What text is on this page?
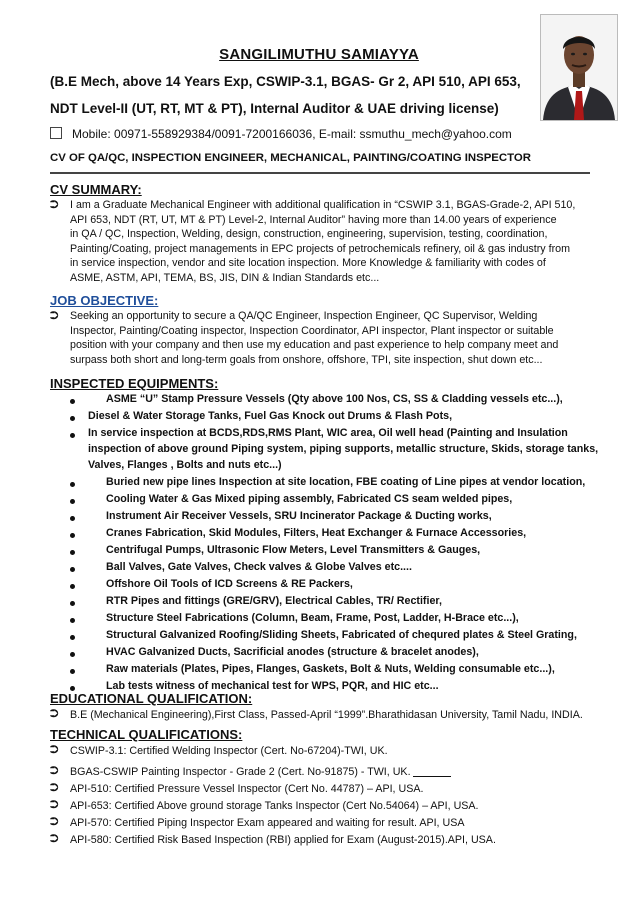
SANGILIMUTHU SAMIAYYA
(B.E Mech, above 14 Years Exp, CSWIP-3.1, BGAS- Gr 2, API 510, API 653,
NDT Level-II (UT, RT, MT & PT), Internal Auditor & UAE driving license)
Mobile: 00971-558929384/0091-7200166036, E-mail: ssmuthu_mech@yahoo.com
CV OF QA/QC, INSPECTION ENGINEER, MECHANICAL, PAINTING/COATING INSPECTOR
CV SUMMARY:
⮊ I am a Graduate Mechanical Engineer with additional qualification in “CSWIP 3.1, BGAS-Grade-2, API 510,
API 653, NDT (RT, UT, MT & PT) Level-2, Internal Auditor” having more than 14.00 years of experience
in QA / QC, Inspection, Welding, design, construction, engineering, supervision, testing, coordination,
Painting/Coating, project managements in EPC projects of petrochemicals refinery, oil & gas industry from
in service inspection, vendor and site location inspection. More Knowledge & familiarity with codes of
ASME, ASTM, API, TEMA, BS, JIS, DIN & Indian Standards etc...
JOB OBJECTIVE:
⮊ Seeking an opportunity to secure a QA/QC Engineer, Inspection Engineer, QC Supervisor, Welding
Inspector, Painting/Coating inspector, Inspection Coordinator, API inspector, Plant inspector or suitable
position with your company and then use my education and past experience to help company meet and
surpass both short and long-term goals from onshore, offshore, TPI, site inspection, shut down etc...
INSPECTED EQUIPMENTS:
ASME “U” Stamp Pressure Vessels (Qty above 100 Nos, CS, SS & Cladding vessels etc...),
Diesel & Water Storage Tanks, Fuel Gas Knock out Drums & Flash Pots,
In service inspection at BCDS,RDS,RMS Plant, WIC area, Oil well head (Painting and Insulation
inspection of above ground Piping system, piping supports, metallic structure, Skids, storage tanks,
Valves, Flanges , Bolts and nuts etc...)
Buried new pipe lines Inspection at site location, FBE coating of Line pipes at vendor location,
Cooling Water & Gas Mixed piping assembly, Fabricated CS seam welded pipes,
Instrument Air Receiver Vessels, SRU Incinerator Package & Ducting works,
Cranes Fabrication, Skid Modules, Filters, Heat Exchanger & Furnace Accessories,
Centrifugal Pumps, Ultrasonic Flow Meters, Level Transmitters & Gauges,
Ball Valves, Gate Valves, Check valves & Globe Valves etc....
Offshore Oil Tools of ICD Screens & RE Packers,
RTR Pipes and fittings (GRE/GRV), Electrical Cables, TR/ Rectifier,
Structure Steel Fabrications (Column, Beam, Frame, Post, Ladder, H-Brace etc...),
Structural Galvanized Roofing/Sliding Sheets, Fabricated of chequred plates & Steel Grating,
HVAC Galvanized Ducts, Sacrificial anodes (structure & bracelet anodes),
Raw materials (Plates, Pipes, Flanges, Gaskets, Bolt & Nuts, Welding consumable etc...),
Lab tests witness of mechanical test for WPS, PQR, and HIC etc...
EDUCATIONAL QUALIFICATION:
⮊ B.E (Mechanical Engineering),First Class, Passed-April “1999”.Bharathidasan University, Tamil Nadu, INDIA.
TECHNICAL QUALIFICATIONS:
⮊ CSWIP-3.1: Certified Welding Inspector (Cert. No-67204)-TWI, UK.
⮊ BGAS-CSWIP Painting Inspector - Grade 2 (Cert. No-91875) - TWI, UK.
⮊ API-510: Certified Pressure Vessel Inspector (Cert No. 44787) – API, USA.
⮊ API-653: Certified Above ground storage Tanks Inspector (Cert No.54064) – API, USA.
⮊ API-570: Certified Piping Inspector Exam appeared and waiting for result. API, USA
⮊ API-580: Certified Risk Based Inspection (RBI) applied for Exam (August-2015).API, USA.
